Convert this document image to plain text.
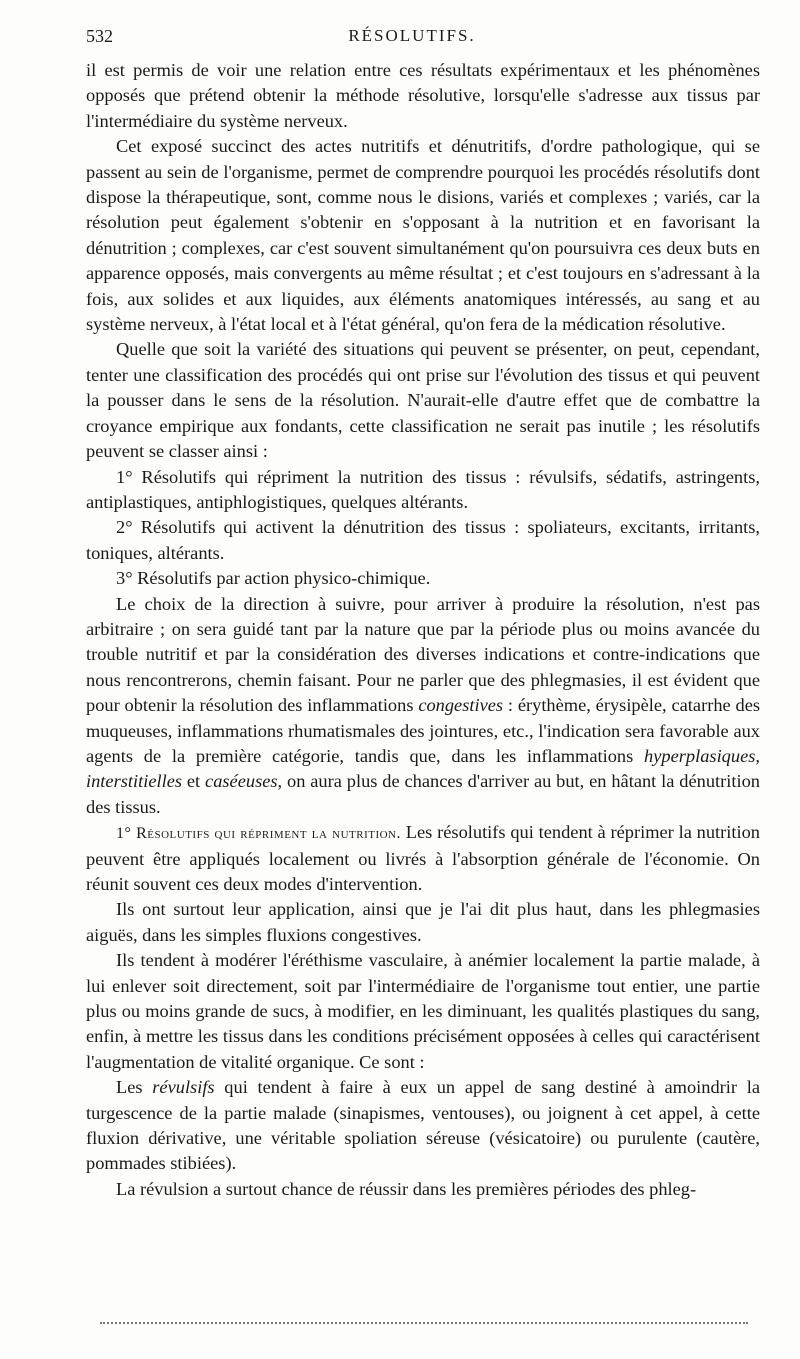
532	RÉSOLUTIFS.

il est permis de voir une relation entre ces résultats expérimentaux et les phénomènes opposés que prétend obtenir la méthode résolutive, lorsqu'elle s'adresse aux tissus par l'intermédiaire du système nerveux.

Cet exposé succinct des actes nutritifs et dénutritifs, d'ordre pathologique, qui se passent au sein de l'organisme, permet de comprendre pourquoi les procédés résolutifs dont dispose la thérapeutique, sont, comme nous le disions, variés et complexes ; variés, car la résolution peut également s'obtenir en s'opposant à la nutrition et en favorisant la dénutrition ; complexes, car c'est souvent simultanément qu'on poursuivra ces deux buts en apparence opposés, mais convergents au même résultat ; et c'est toujours en s'adressant à la fois, aux solides et aux liquides, aux éléments anatomiques intéressés, au sang et au système nerveux, à l'état local et à l'état général, qu'on fera de la médication résolutive.

Quelle que soit la variété des situations qui peuvent se présenter, on peut, cependant, tenter une classification des procédés qui ont prise sur l'évolution des tissus et qui peuvent la pousser dans le sens de la résolution. N'aurait-elle d'autre effet que de combattre la croyance empirique aux fondants, cette classification ne serait pas inutile ; les résolutifs peuvent se classer ainsi :

1° Résolutifs qui répriment la nutrition des tissus : révulsifs, sédatifs, astringents, antiplastiques, antiphlogistiques, quelques altérants.

2° Résolutifs qui activent la dénutrition des tissus : spoliateurs, excitants, irritants, toniques, altérants.

3° Résolutifs par action physico-chimique.

Le choix de la direction à suivre, pour arriver à produire la résolution, n'est pas arbitraire ; on sera guidé tant par la nature que par la période plus ou moins avancée du trouble nutritif et par la considération des diverses indications et contre-indications que nous rencontrerons, chemin faisant. Pour ne parler que des phlegmasies, il est évident que pour obtenir la résolution des inflammations congestives : érythème, érysipèle, catarrhe des muqueuses, inflammations rhumatismales des jointures, etc., l'indication sera favorable aux agents de la première catégorie, tandis que, dans les inflammations hyperplasiques, interstitielles et caséeuses, on aura plus de chances d'arriver au but, en hâtant la dénutrition des tissus.

1° Résolutifs qui répriment la nutrition. Les résolutifs qui tendent à réprimer la nutrition peuvent être appliqués localement ou livrés à l'absorption générale de l'économie. On réunit souvent ces deux modes d'intervention.

Ils ont surtout leur application, ainsi que je l'ai dit plus haut, dans les phlegmasies aiguës, dans les simples fluxions congestives.

Ils tendent à modérer l'éréthisme vasculaire, à anémier localement la partie malade, à lui enlever soit directement, soit par l'intermédiaire de l'organisme tout entier, une partie plus ou moins grande de sucs, à modifier, en les diminuant, les qualités plastiques du sang, enfin, à mettre les tissus dans les conditions précisément opposées à celles qui caractérisent l'augmentation de vitalité organique. Ce sont :

Les révulsifs qui tendent à faire à eux un appel de sang destiné à amoindrir la turgescence de la partie malade (sinapismes, ventouses), ou joignent à cet appel, à cette fluxion dérivative, une véritable spoliation séreuse (vésicatoire) ou purulente (cautère, pommades stibiées).

La révulsion a surtout chance de réussir dans les premières périodes des phleg-
